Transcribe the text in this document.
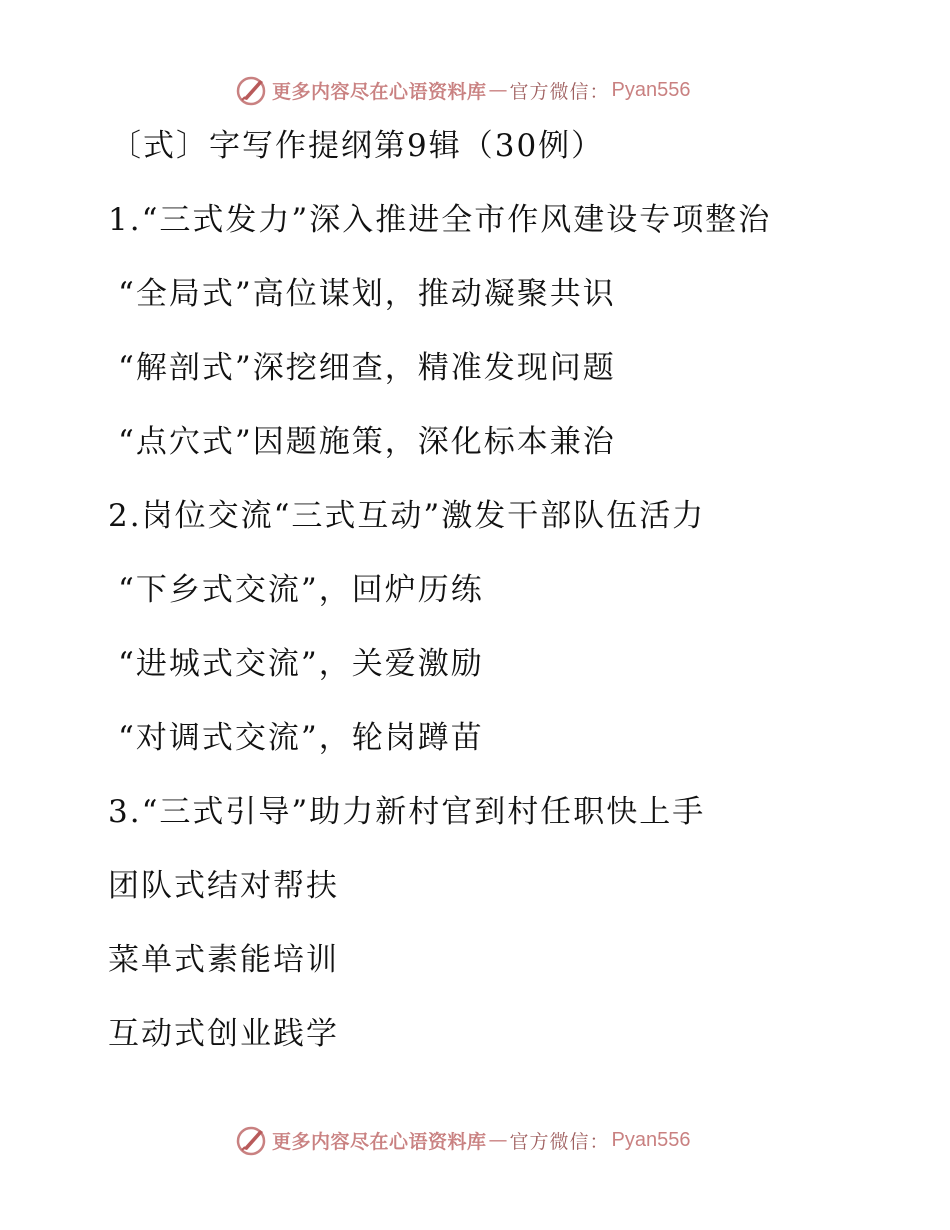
更多内容尽在心语资料库 — 官方微信： Pyan556
〔式〕字写作提纲第9辑（30例）
1.“三式发力”深入推进全市作风建设专项整治
“全局式”高位谋划，推动凝聚共识
“解剖式”深挖细查，精准发现问题
“点穴式”因题施策，深化标本兼治
2.岗位交流“三式互动”激发干部队伍活力
“下乡式交流”，回炉历练
“进城式交流”，关爱激励
“对调式交流”，轮岗蹲苗
3.“三式引导”助力新村官到村任职快上手
团队式结对帮扶
菜单式素能培训
互动式创业践学
更多内容尽在心语资料库 — 官方微信： Pyan556
